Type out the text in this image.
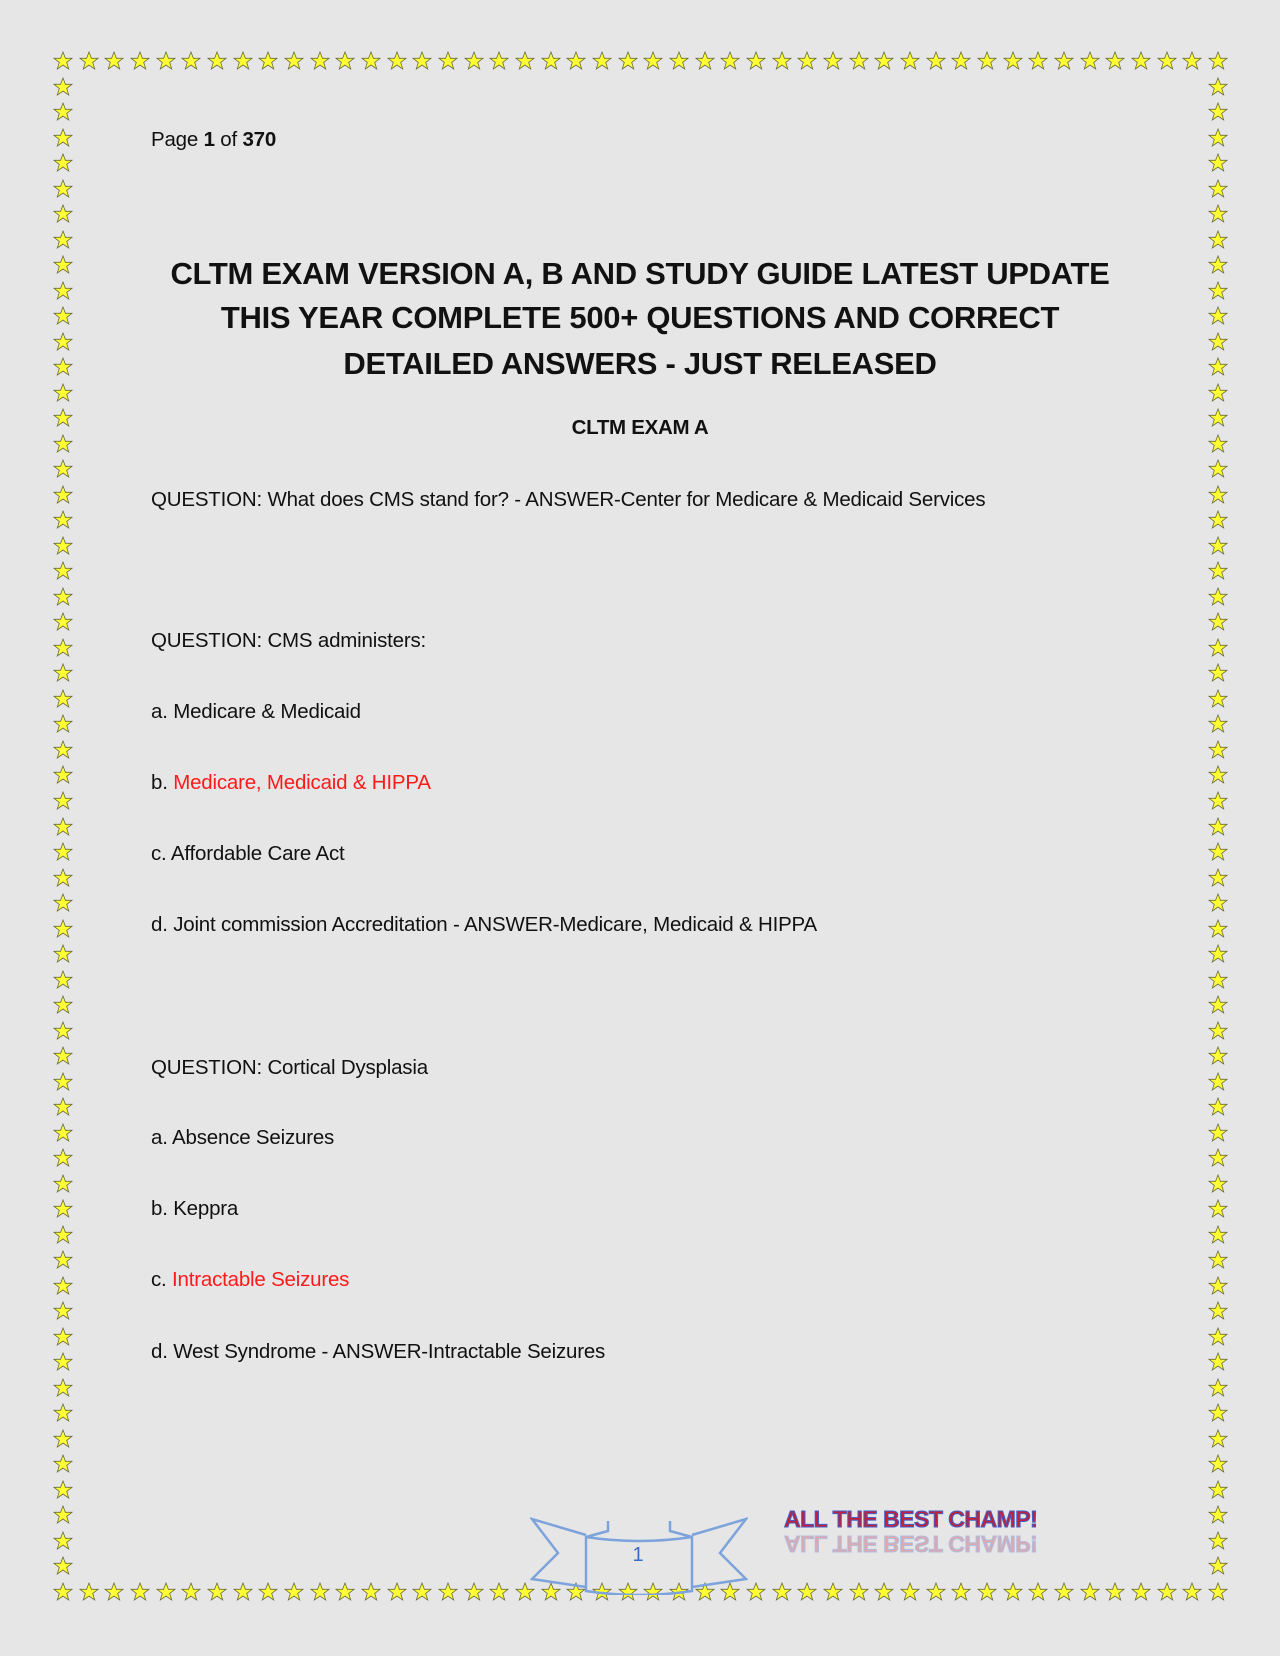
Page 1 of 370
CLTM EXAM VERSION A, B AND STUDY GUIDE LATEST UPDATE
THIS YEAR COMPLETE 500+ QUESTIONS AND CORRECT
DETAILED ANSWERS - JUST RELEASED
CLTM EXAM A
QUESTION: What does CMS stand for? - ANSWER-Center for Medicare & Medicaid Services
QUESTION: CMS administers:
a. Medicare & Medicaid
b. Medicare, Medicaid & HIPPA
c. Affordable Care Act
d. Joint commission Accreditation - ANSWER-Medicare, Medicaid & HIPPA
QUESTION: Cortical Dysplasia
a. Absence Seizures
b. Keppra
c. Intractable Seizures
d. West Syndrome - ANSWER-Intractable Seizures
1
ALL THE BEST CHAMP!
ALL THE BEST CHAMP!
